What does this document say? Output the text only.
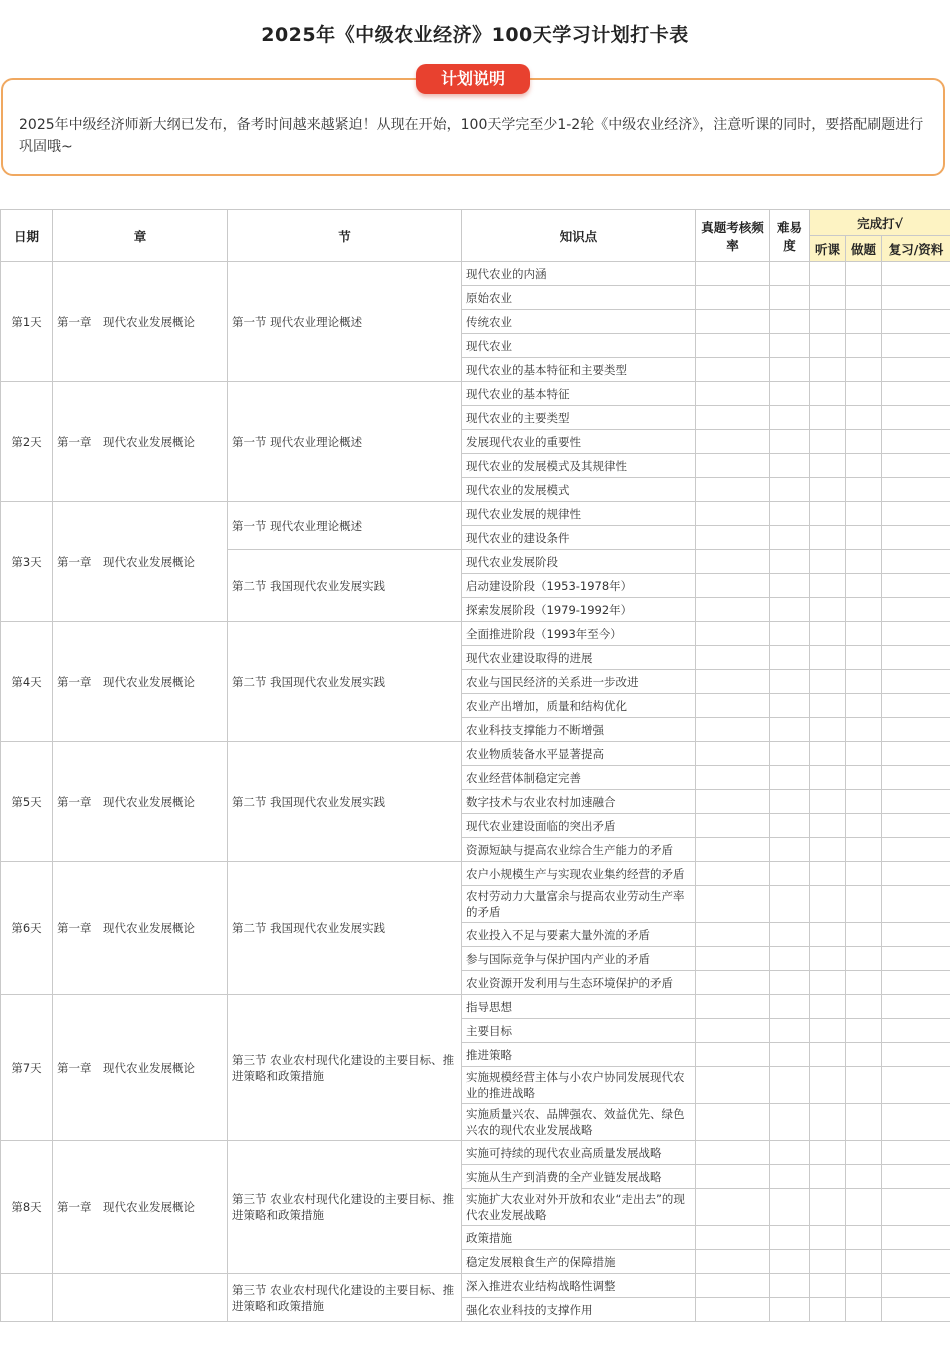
2025年《中级农业经济》100天学习计划打卡表
2025年中级经济师新大纲已发布，备考时间越来越紧迫！从现在开始，100天学完至少1-2轮《中级农业经济》，注意听课的同时，要搭配刷题进行巩固哦~
计划说明
日期	章	节	知识点	真题考核频率	难易度	完成打√		
						听课	做题	复习/资料
第1天	第一章　现代农业发展概论	第一节 现代农业理论概述	现代农业的内涵					
			原始农业					
			传统农业					
			现代农业					
			现代农业的基本特征和主要类型					
第2天	第一章　现代农业发展概论	第一节 现代农业理论概述	现代农业的基本特征					
			现代农业的主要类型					
			发展现代农业的重要性					
			现代农业的发展模式及其规律性					
			现代农业的发展模式					
第3天	第一章　现代农业发展概论	第一节 现代农业理论概述	现代农业发展的规律性					
			现代农业的建设条件					
		第二节 我国现代农业发展实践	现代农业发展阶段					
			启动建设阶段（1953-1978年）					
			探索发展阶段（1979-1992年）					
第4天	第一章　现代农业发展概论	第二节 我国现代农业发展实践	全面推进阶段（1993年至今）					
			现代农业建设取得的进展					
			农业与国民经济的关系进一步改进					
			农业产出增加，质量和结构优化					
			农业科技支撑能力不断增强					
第5天	第一章　现代农业发展概论	第二节 我国现代农业发展实践	农业物质装备水平显著提高					
			农业经营体制稳定完善					
			数字技术与农业农村加速融合					
			现代农业建设面临的突出矛盾					
			资源短缺与提高农业综合生产能力的矛盾					
第6天	第一章　现代农业发展概论	第二节 我国现代农业发展实践	农户小规模生产与实现农业集约经营的矛盾					
			农村劳动力大量富余与提高农业劳动生产率的矛盾					
			农业投入不足与要素大量外流的矛盾					
			参与国际竞争与保护国内产业的矛盾					
			农业资源开发利用与生态环境保护的矛盾					
第7天	第一章　现代农业发展概论	第三节 农业农村现代化建设的主要目标、推进策略和政策措施	指导思想					
			主要目标					
			推进策略					
			实施规模经营主体与小农户协同发展现代农业的推进战略					
			实施质量兴农、品牌强农、效益优先、绿色兴农的现代农业发展战略					
第8天	第一章　现代农业发展概论	第三节 农业农村现代化建设的主要目标、推进策略和政策措施	实施可持续的现代农业高质量发展战略					
			实施从生产到消费的全产业链发展战略					
			实施扩大农业对外开放和农业“走出去”的现代农业发展战略					
			政策措施					
			稳定发展粮食生产的保障措施					
		第三节 农业农村现代化建设的主要目标、推进策略和政策措施	深入推进农业结构战略性调整					
			强化农业科技的支撑作用					
